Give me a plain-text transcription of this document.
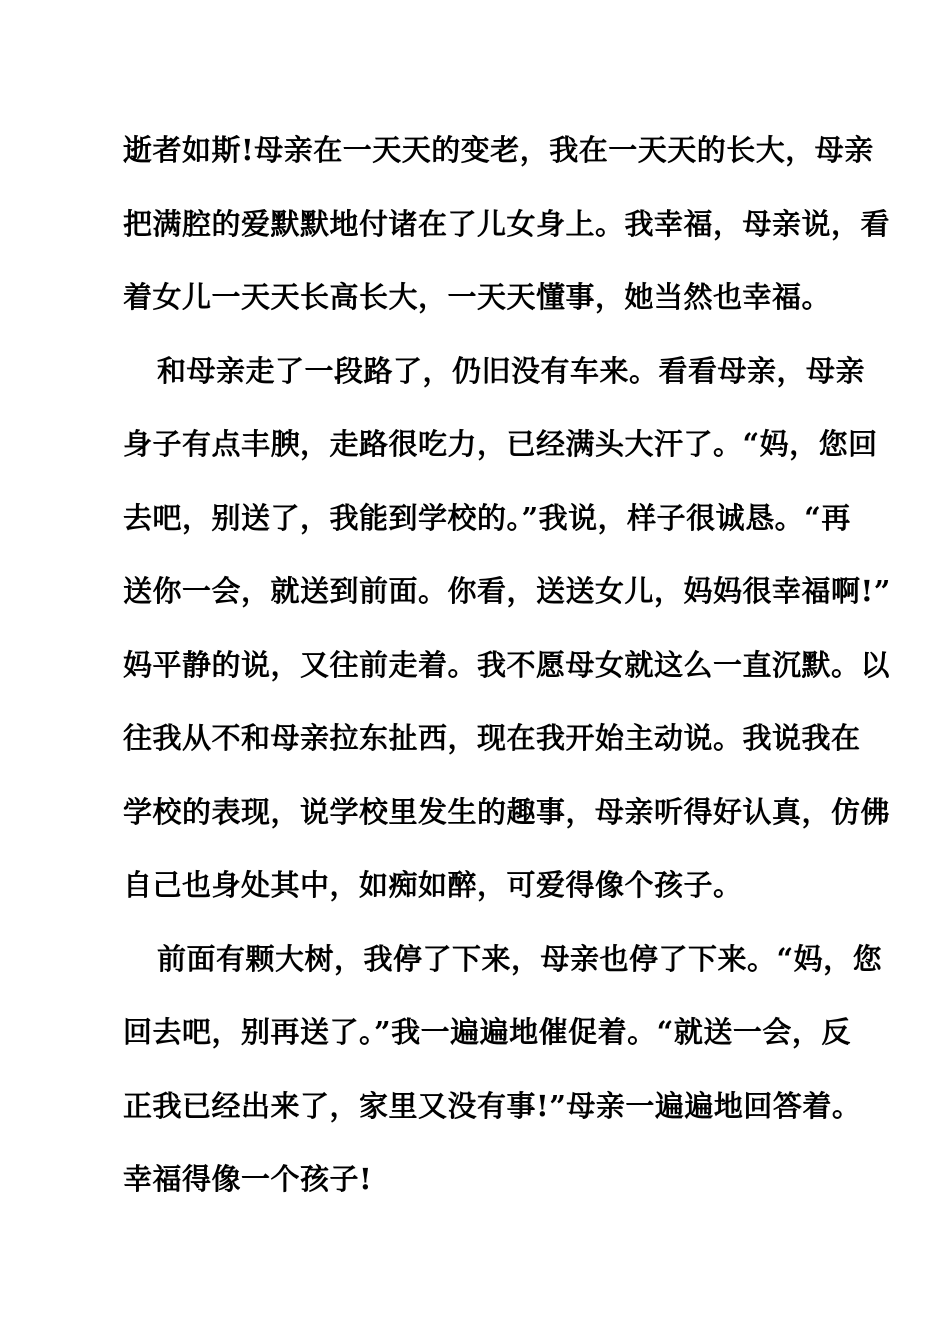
逝者如斯!母亲在一天天的变老，我在一天天的长大，母亲
把满腔的爱默默地付诸在了儿女身上。我幸福，母亲说，看
着女儿一天天长高长大，一天天懂事，她当然也幸福。
和母亲走了一段路了，仍旧没有车来。看看母亲，母亲
身子有点丰腴，走路很吃力，已经满头大汗了。“妈，您回
去吧，别送了，我能到学校的。”我说，样子很诚恳。“再
送你一会，就送到前面。你看，送送女儿，妈妈很幸福啊!”
妈平静的说，又往前走着。我不愿母女就这么一直沉默。以
往我从不和母亲拉东扯西，现在我开始主动说。我说我在
学校的表现，说学校里发生的趣事，母亲听得好认真，仿佛
自己也身处其中，如痴如醉，可爱得像个孩子。
前面有颗大树，我停了下来，母亲也停了下来。“妈，您
回去吧，别再送了。”我一遍遍地催促着。“就送一会，反
正我已经出来了，家里又没有事!”母亲一遍遍地回答着。
幸福得像一个孩子!
